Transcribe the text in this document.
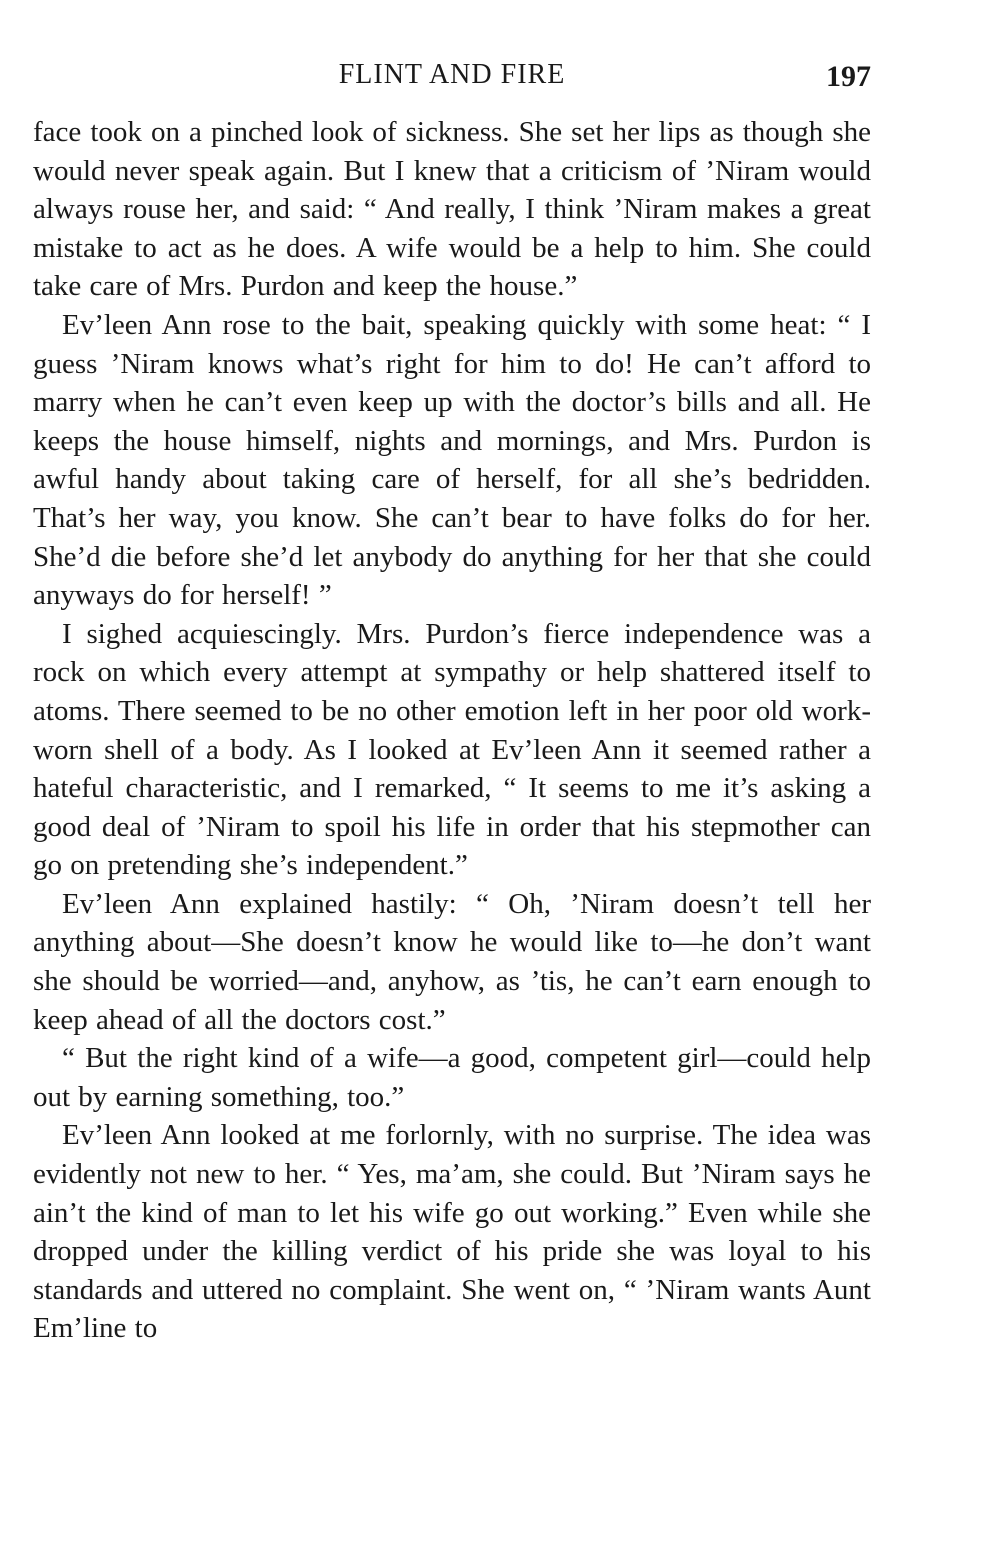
FLINT AND FIRE	197

face took on a pinched look of sickness. She set her lips as though she would never speak again. But I knew that a criticism of ’Niram would always rouse her, and said: “ And really, I think ’Niram makes a great mistake to act as he does. A wife would be a help to him. She could take care of Mrs. Purdon and keep the house.”

Ev’leen Ann rose to the bait, speaking quickly with some heat: “ I guess ’Niram knows what’s right for him to do! He can’t afford to marry when he can’t even keep up with the doctor’s bills and all. He keeps the house himself, nights and mornings, and Mrs. Purdon is awful handy about taking care of herself, for all she’s bedridden. That’s her way, you know. She can’t bear to have folks do for her. She’d die before she’d let anybody do anything for her that she could anyways do for herself! ”

I sighed acquiescingly. Mrs. Purdon’s fierce independence was a rock on which every attempt at sympathy or help shattered itself to atoms. There seemed to be no other emotion left in her poor old work-worn shell of a body. As I looked at Ev’leen Ann it seemed rather a hateful characteristic, and I remarked, “ It seems to me it’s asking a good deal of ’Niram to spoil his life in order that his stepmother can go on pretending she’s independent.”

Ev’leen Ann explained hastily: “ Oh, ’Niram doesn’t tell her anything about—She doesn’t know he would like to—he don’t want she should be worried—and, anyhow, as ’tis, he can’t earn enough to keep ahead of all the doctors cost.”

“ But the right kind of a wife—a good, competent girl—could help out by earning something, too.”

Ev’leen Ann looked at me forlornly, with no surprise. The idea was evidently not new to her. “ Yes, ma’am, she could. But ’Niram says he ain’t the kind of man to let his wife go out working.” Even while she dropped under the killing verdict of his pride she was loyal to his standards and uttered no complaint. She went on, “ ’Niram wants Aunt Em’line to
